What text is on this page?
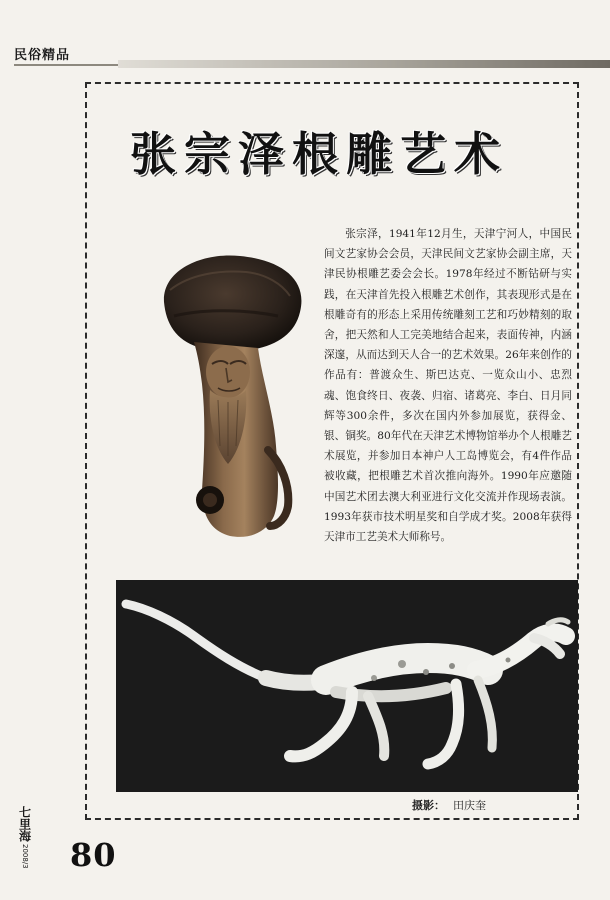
民俗精品
张宗泽根雕艺术
张宗泽，1941年12月生，天津宁河人，中国民间文艺家协会会员，天津民间文艺家协会副主席，天津民协根雕艺委会会长。1978年经过不断钻研与实践，在天津首先投入根雕艺术创作，其表现形式是在根雕奇有的形态上采用传统雕刻工艺和巧妙精刻的取舍，把天然和人工完美地结合起来，表面传神，内涵深邃，从而达到天人合一的艺术效果。26年来创作的作品有：普渡众生、斯巴达克、一览众山小、忠烈魂、饱食终日、夜袭、归宿、诸葛亮、李白、日月同辉等300余件，多次在国内外参加展览，获得金、银、铜奖。80年代在天津艺术博物馆举办个人根雕艺术展览，并参加日本神户人工岛博览会，有4件作品被收藏，把根雕艺术首次推向海外。1990年应邀随中国艺术团去澳大利亚进行文化交流并作现场表演。1993年获市技术明星奖和自学成才奖。2008年获得天津市工艺美术大师称号。
摄影： 田庆奎
七里海
2008/3 80
